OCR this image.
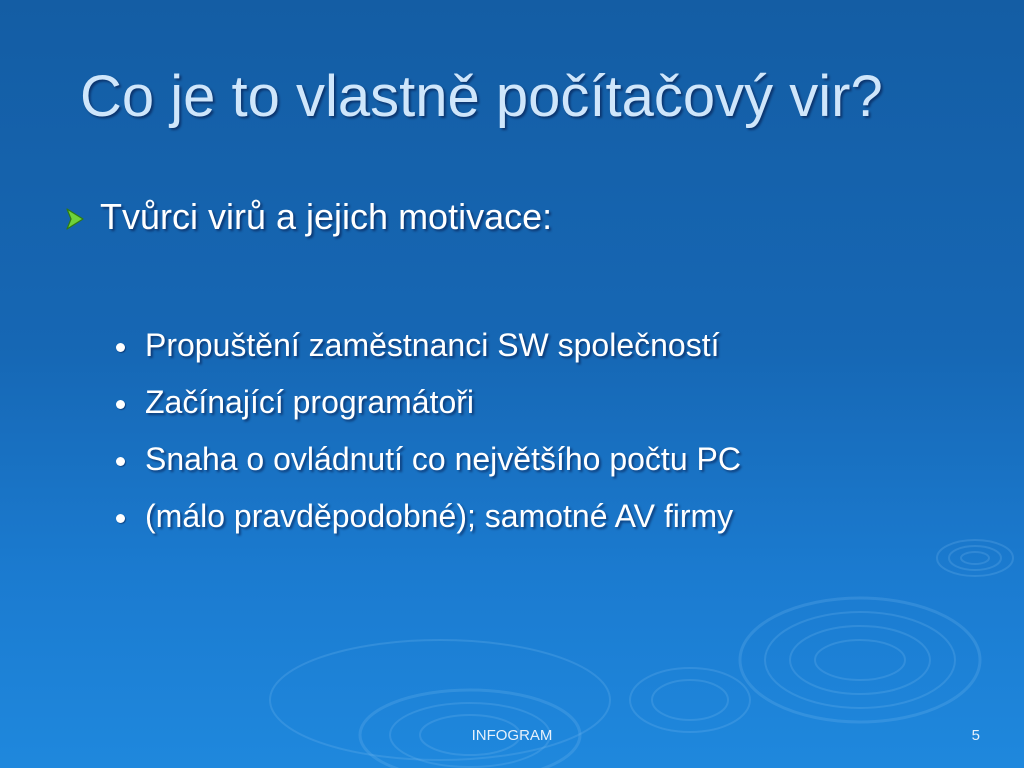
Co je to vlastně počítačový vir?
Tvůrci virů a jejich motivace:
Propuštění zaměstnanci SW společností
Začínající programátoři
Snaha o ovládnutí co největšího počtu PC
(málo pravděpodobné); samotné AV firmy
INFOGRAM	5
